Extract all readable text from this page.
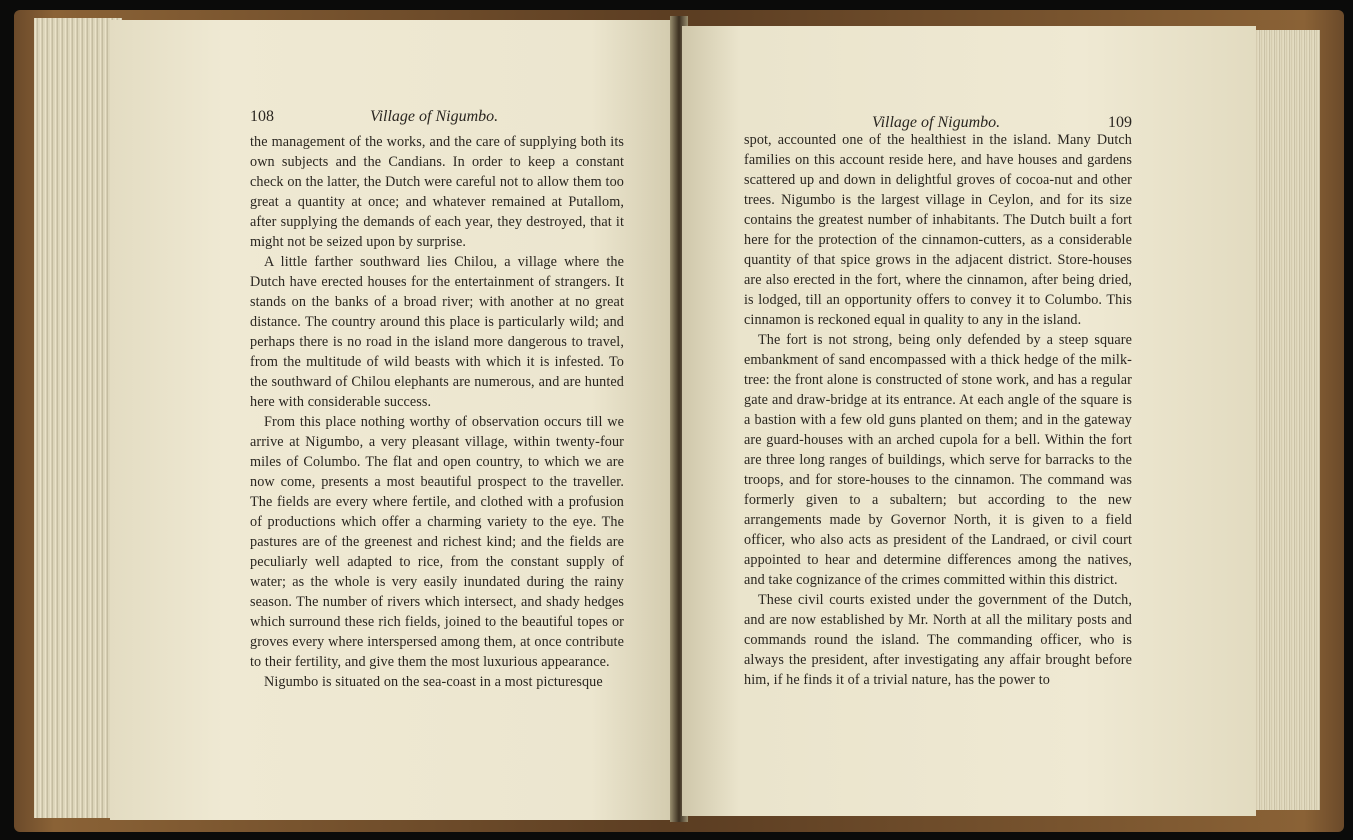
108	Village of Nigumbo.

the management of the works, and the care of supplying both its own subjects and the Candians. In order to keep a constant check on the latter, the Dutch were careful not to allow them too great a quantity at once; and whatever remained at Putallom, after supplying the demands of each year, they destroyed, that it might not be seized upon by surprise.

A little farther southward lies Chilou, a village where the Dutch have erected houses for the entertainment of strangers. It stands on the banks of a broad river; with another at no great distance. The country around this place is particularly wild; and perhaps there is no road in the island more dangerous to travel, from the multitude of wild beasts with which it is infested. To the southward of Chilou elephants are numerous, and are hunted here with considerable success.

From this place nothing worthy of observation occurs till we arrive at Nigumbo, a very pleasant village, within twenty-four miles of Columbo. The flat and open country, to which we are now come, presents a most beautiful prospect to the traveller. The fields are every where fertile, and clothed with a profusion of productions which offer a charming variety to the eye. The pastures are of the greenest and richest kind; and the fields are peculiarly well adapted to rice, from the constant supply of water; as the whole is very easily inundated during the rainy season. The number of rivers which intersect, and shady hedges which surround these rich fields, joined to the beautiful topes or groves every where interspersed among them, at once contribute to their fertility, and give them the most luxurious appearance.

Nigumbo is situated on the sea-coast in a most picturesque

Village of Nigumbo.	109

spot, accounted one of the healthiest in the island. Many Dutch families on this account reside here, and have houses and gardens scattered up and down in delightful groves of cocoa-nut and other trees. Nigumbo is the largest village in Ceylon, and for its size contains the greatest number of inhabitants. The Dutch built a fort here for the protection of the cinnamon-cutters, as a considerable quantity of that spice grows in the adjacent district. Store-houses are also erected in the fort, where the cinnamon, after being dried, is lodged, till an opportunity offers to convey it to Columbo. This cinnamon is reckoned equal in quality to any in the island.

The fort is not strong, being only defended by a steep square embankment of sand encompassed with a thick hedge of the milk-tree: the front alone is constructed of stone work, and has a regular gate and draw-bridge at its entrance. At each angle of the square is a bastion with a few old guns planted on them; and in the gateway are guard-houses with an arched cupola for a bell. Within the fort are three long ranges of buildings, which serve for barracks to the troops, and for store-houses to the cinnamon. The command was formerly given to a subaltern; but according to the new arrangements made by Governor North, it is given to a field officer, who also acts as president of the Landraed, or civil court appointed to hear and determine differences among the natives, and take cognizance of the crimes committed within this district.

These civil courts existed under the government of the Dutch, and are now established by Mr. North at all the military posts and commands round the island. The commanding officer, who is always the president, after investigating any affair brought before him, if he finds it of a trivial nature, has the power to
